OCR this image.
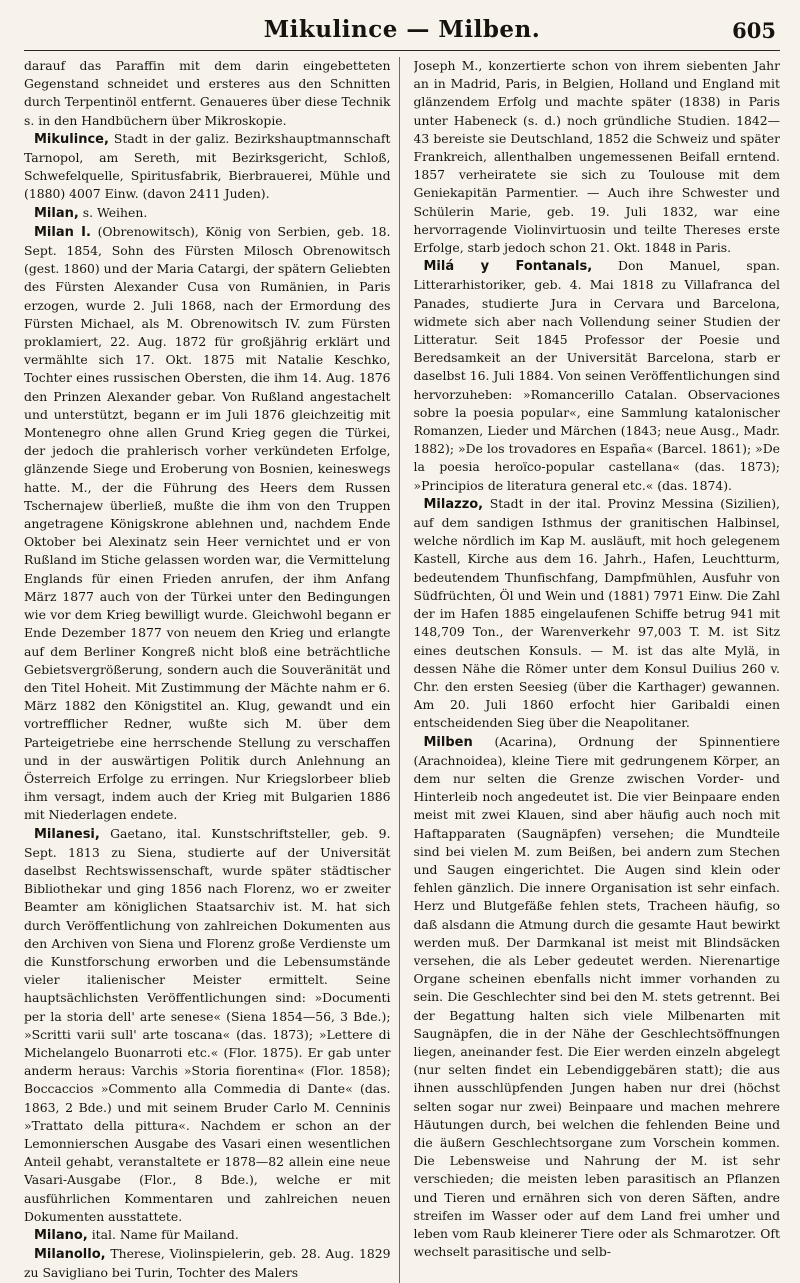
Mikulince — Milben.	605

darauf das Paraffin mit dem darin eingebetteten Gegenstand schneidet und ersteres aus den Schnitten durch Terpentinöl entfernt. Genaueres über diese Technik s. in den Handbüchern über Mikroskopie.

Mikulince, Stadt in der galiz. Bezirkshauptmannschaft Tarnopol, am Sereth, mit Bezirksgericht, Schloß, Schwefelquelle, Spiritusfabrik, Bierbrauerei, Mühle und (1880) 4007 Einw. (davon 2411 Juden).

Milan, s. Weihen.

Milan I. (Obrenowitsch), König von Serbien, geb. 18. Sept. 1854, Sohn des Fürsten Milosch Obrenowitsch (gest. 1860) und der Maria Catargi, der spätern Geliebten des Fürsten Alexander Cusa von Rumänien, in Paris erzogen, wurde 2. Juli 1868, nach der Ermordung des Fürsten Michael, als M. Obrenowitsch IV. zum Fürsten proklamiert, 22. Aug. 1872 für großjährig erklärt und vermählte sich 17. Okt. 1875 mit Natalie Keschko, Tochter eines russischen Obersten, die ihm 14. Aug. 1876 den Prinzen Alexander gebar. Von Rußland angestachelt und unterstützt, begann er im Juli 1876 gleichzeitig mit Montenegro ohne allen Grund Krieg gegen die Türkei, der jedoch die prahlerisch vorher verkündeten Erfolge, glänzende Siege und Eroberung von Bosnien, keineswegs hatte. M., der die Führung des Heers dem Russen Tschernajew überließ, mußte die ihm von den Truppen angetragene Königskrone ablehnen und, nachdem Ende Oktober bei Alexinatz sein Heer vernichtet und er von Rußland im Stiche gelassen worden war, die Vermittelung Englands für einen Frieden anrufen, der ihm Anfang März 1877 auch von der Türkei unter den Bedingungen wie vor dem Krieg bewilligt wurde. Gleichwohl begann er Ende Dezember 1877 von neuem den Krieg und erlangte auf dem Berliner Kongreß nicht bloß eine beträchtliche Gebietsvergrößerung, sondern auch die Souveränität und den Titel Hoheit. Mit Zustimmung der Mächte nahm er 6. März 1882 den Königstitel an. Klug, gewandt und ein vortrefflicher Redner, wußte sich M. über dem Parteigetriebe eine herrschende Stellung zu verschaffen und in der auswärtigen Politik durch Anlehnung an Österreich Erfolge zu erringen. Nur Kriegslorbeer blieb ihm versagt, indem auch der Krieg mit Bulgarien 1886 mit Niederlagen endete.

Milanesi, Gaetano, ital. Kunstschriftsteller, geb. 9. Sept. 1813 zu Siena, studierte auf der Universität daselbst Rechtswissenschaft, wurde später städtischer Bibliothekar und ging 1856 nach Florenz, wo er zweiter Beamter am königlichen Staatsarchiv ist. M. hat sich durch Veröffentlichung von zahlreichen Dokumenten aus den Archiven von Siena und Florenz große Verdienste um die Kunstforschung erworben und die Lebensumstände vieler italienischer Meister ermittelt. Seine hauptsächlichsten Veröffentlichungen sind: »Documenti per la storia dell' arte senese« (Siena 1854—56, 3 Bde.); »Scritti varii sull' arte toscana« (das. 1873); »Lettere di Michelangelo Buonarroti etc.« (Flor. 1875). Er gab unter anderm heraus: Varchis »Storia fiorentina« (Flor. 1858); Boccaccios »Commento alla Commedia di Dante« (das. 1863, 2 Bde.) und mit seinem Bruder Carlo M. Cenninis »Trattato della pittura«. Nachdem er schon an der Lemonnierschen Ausgabe des Vasari einen wesentlichen Anteil gehabt, veranstaltete er 1878—82 allein eine neue Vasari-Ausgabe (Flor., 8 Bde.), welche er mit ausführlichen Kommentaren und zahlreichen neuen Dokumenten ausstattete.

Milano, ital. Name für Mailand.

Milanollo, Therese, Violinspielerin, geb. 28. Aug. 1829 zu Savigliano bei Turin, Tochter des Malers

Joseph M., konzertierte schon von ihrem siebenten Jahr an in Madrid, Paris, in Belgien, Holland und England mit glänzendem Erfolg und machte später (1838) in Paris unter Habeneck (s. d.) noch gründliche Studien. 1842—43 bereiste sie Deutschland, 1852 die Schweiz und später Frankreich, allenthalben ungemessenen Beifall erntend. 1857 verheiratete sie sich zu Toulouse mit dem Geniekapitän Parmentier. — Auch ihre Schwester und Schülerin Marie, geb. 19. Juli 1832, war eine hervorragende Violinvirtuosin und teilte Thereses erste Erfolge, starb jedoch schon 21. Okt. 1848 in Paris.

Milá y Fontanals, Don Manuel, span. Litterarhistoriker, geb. 4. Mai 1818 zu Villafranca del Panades, studierte Jura in Cervara und Barcelona, widmete sich aber nach Vollendung seiner Studien der Litteratur. Seit 1845 Professor der Poesie und Beredsamkeit an der Universität Barcelona, starb er daselbst 16. Juli 1884. Von seinen Veröffentlichungen sind hervorzuheben: »Romancerillo Catalan. Observaciones sobre la poesia popular«, eine Sammlung katalonischer Romanzen, Lieder und Märchen (1843; neue Ausg., Madr. 1882); »De los trovadores en España« (Barcel. 1861); »De la poesia heroïco-popular castellana« (das. 1873); »Principios de literatura general etc.« (das. 1874).

Milazzo, Stadt in der ital. Provinz Messina (Sizilien), auf dem sandigen Isthmus der granitischen Halbinsel, welche nördlich im Kap M. ausläuft, mit hoch gelegenem Kastell, Kirche aus dem 16. Jahrh., Hafen, Leuchtturm, bedeutendem Thunfischfang, Dampfmühlen, Ausfuhr von Südfrüchten, Öl und Wein und (1881) 7971 Einw. Die Zahl der im Hafen 1885 eingelaufenen Schiffe betrug 941 mit 148,709 Ton., der Warenverkehr 97,003 T. M. ist Sitz eines deutschen Konsuls. — M. ist das alte Mylä, in dessen Nähe die Römer unter dem Konsul Duilius 260 v. Chr. den ersten Seesieg (über die Karthager) gewannen. Am 20. Juli 1860 erfocht hier Garibaldi einen entscheidenden Sieg über die Neapolitaner.

Milben (Acarina), Ordnung der Spinnentiere (Arachnoidea), kleine Tiere mit gedrungenem Körper, an dem nur selten die Grenze zwischen Vorder- und Hinterleib noch angedeutet ist. Die vier Beinpaare enden meist mit zwei Klauen, sind aber häufig auch noch mit Haftapparaten (Saugnäpfen) versehen; die Mundteile sind bei vielen M. zum Beißen, bei andern zum Stechen und Saugen eingerichtet. Die Augen sind klein oder fehlen gänzlich. Die innere Organisation ist sehr einfach. Herz und Blutgefäße fehlen stets, Tracheen häufig, so daß alsdann die Atmung durch die gesamte Haut bewirkt werden muß. Der Darmkanal ist meist mit Blindsäcken versehen, die als Leber gedeutet werden. Nierenartige Organe scheinen ebenfalls nicht immer vorhanden zu sein. Die Geschlechter sind bei den M. stets getrennt. Bei der Begattung halten sich viele Milbenarten mit Saugnäpfen, die in der Nähe der Geschlechtsöffnungen liegen, aneinander fest. Die Eier werden einzeln abgelegt (nur selten findet ein Lebendiggebären statt); die aus ihnen ausschlüpfenden Jungen haben nur drei (höchst selten sogar nur zwei) Beinpaare und machen mehrere Häutungen durch, bei welchen die fehlenden Beine und die äußern Geschlechtsorgane zum Vorschein kommen. Die Lebensweise und Nahrung der M. ist sehr verschieden; die meisten leben parasitisch an Pflanzen und Tieren und ernähren sich von deren Säften, andre streifen im Wasser oder auf dem Land frei umher und leben vom Raub kleinerer Tiere oder als Schmarotzer. Oft wechselt parasitische und selb-
